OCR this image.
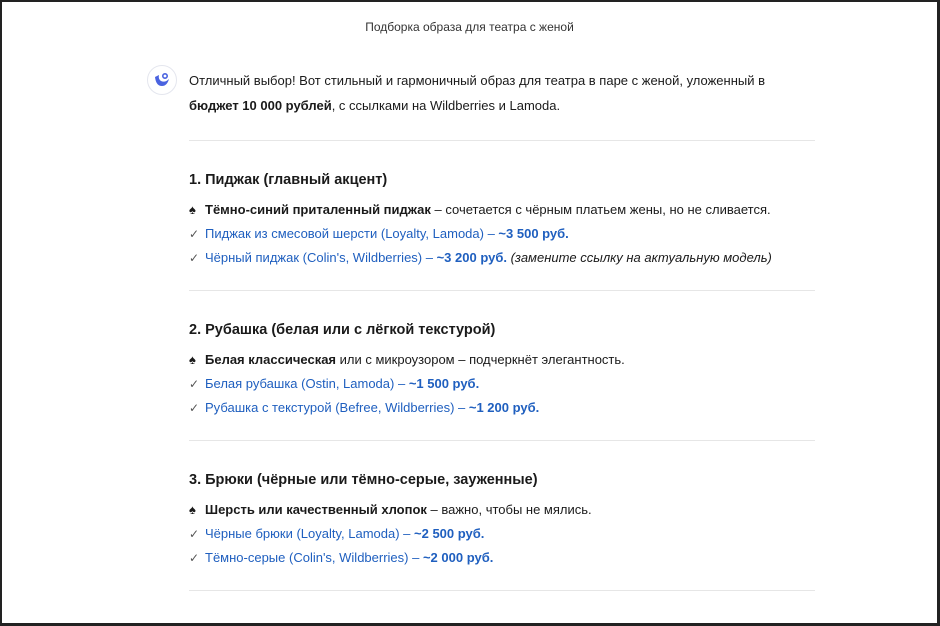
Подборка образа для театра с женой

Отличный выбор! Вот стильный и гармоничный образ для театра в паре с женой, уложенный в
бюджет 10 000 рублей, с ссылками на Wildberries и Lamoda.

1. Пиджак (главный акцент)
♠ Тёмно-синий приталенный пиджак – сочетается с чёрным платьем жены, но не сливается.
✓ Пиджак из смесовой шерсти (Loyalty, Lamoda) – ~3 500 руб.
✓ Чёрный пиджак (Colin's, Wildberries) – ~3 200 руб. (замените ссылку на актуальную модель)
2. Рубашка (белая или с лёгкой текстурой)
♠ Белая классическая или с микроузором – подчеркнёт элегантность.
✓ Белая рубашка (Ostin, Lamoda) – ~1 500 руб.
✓ Рубашка с текстурой (Befree, Wildberries) – ~1 200 руб.
3. Брюки (чёрные или тёмно-серые, зауженные)
♠ Шерсть или качественный хлопок – важно, чтобы не мялись.
✓ Чёрные брюки (Loyalty, Lamoda) – ~2 500 руб.
✓ Тёмно-серые (Colin's, Wildberries) – ~2 000 руб.
